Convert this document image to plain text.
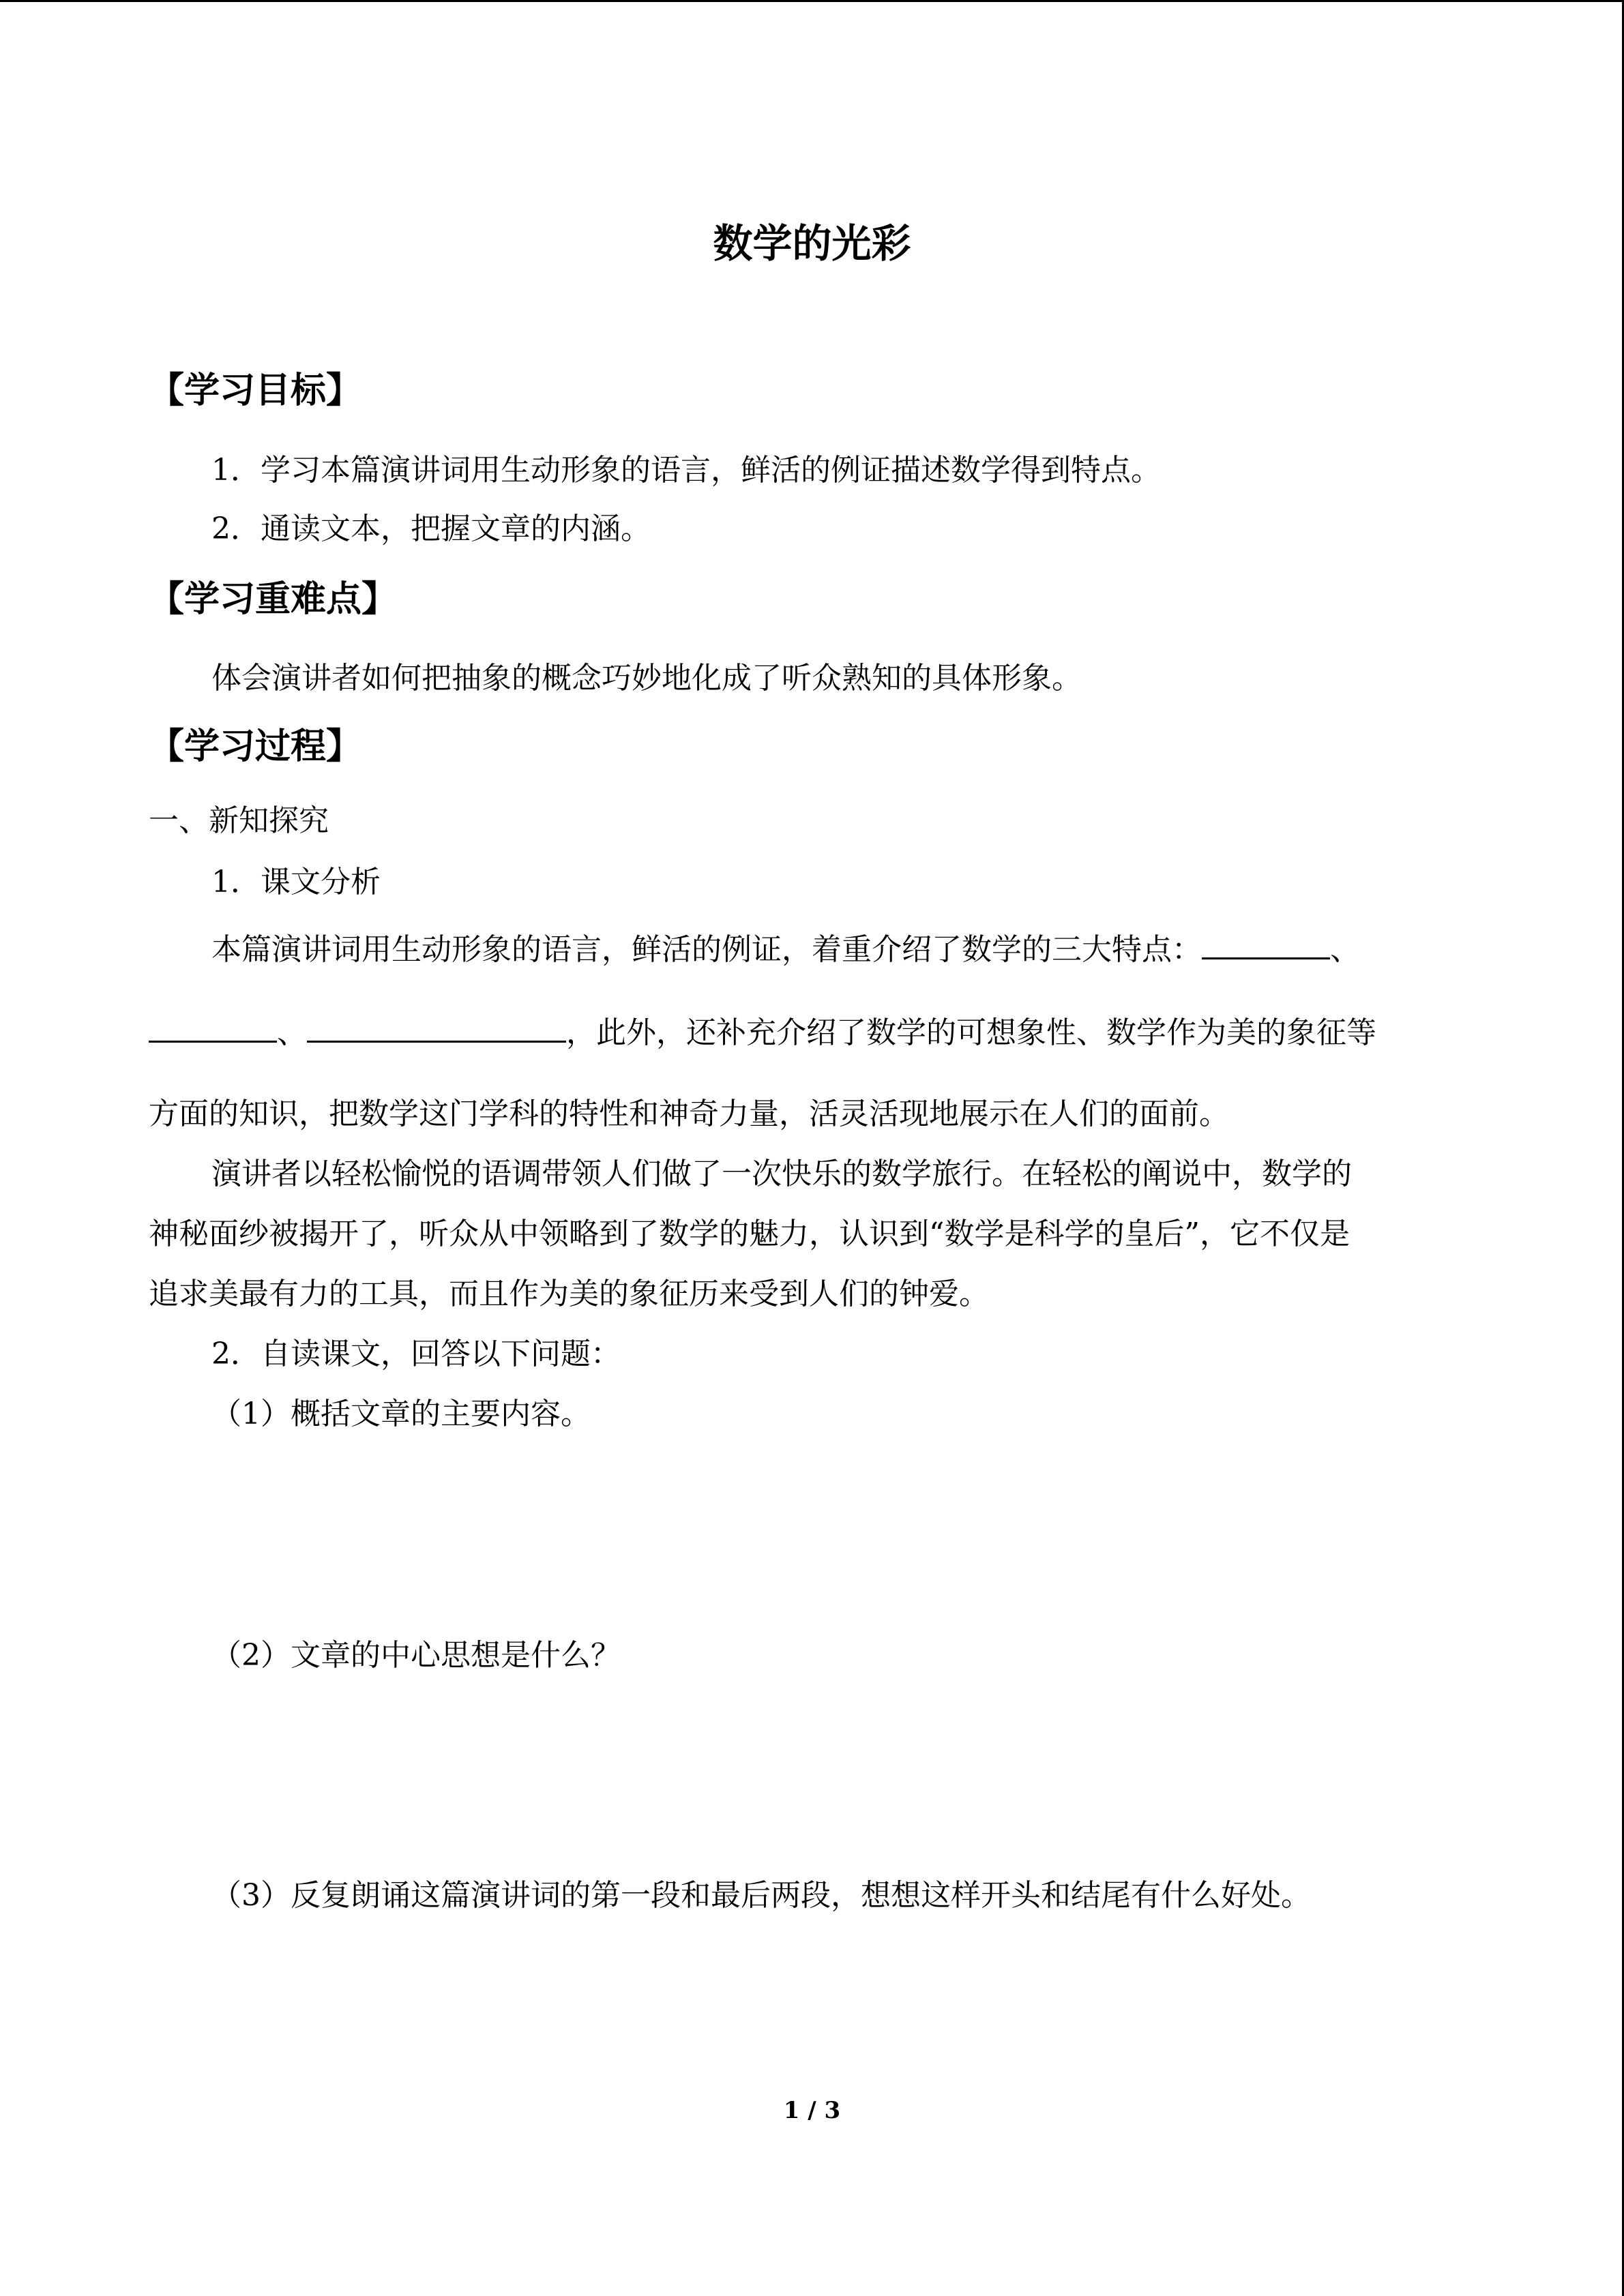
数学的光彩
【学习目标】
1．学习本篇演讲词用生动形象的语言，鲜活的例证描述数学得到特点。
2．通读文本，把握文章的内涵。
【学习重难点】
体会演讲者如何把抽象的概念巧妙地化成了听众熟知的具体形象。
【学习过程】
一、新知探究
1．课文分析
本篇演讲词用生动形象的语言，鲜活的例证，着重介绍了数学的三大特点：	、
、	，此外，还补充介绍了数学的可想象性、数学作为美的象征等
方面的知识，把数学这门学科的特性和神奇力量，活灵活现地展示在人们的面前。
演讲者以轻松愉悦的语调带领人们做了一次快乐的数学旅行。在轻松的阐说中，数学的
神秘面纱被揭开了，听众从中领略到了数学的魅力，认识到“数学是科学的皇后”，它不仅是
追求美最有力的工具，而且作为美的象征历来受到人们的钟爱。
2．自读课文，回答以下问题：
（1）概括文章的主要内容。
（2）文章的中心思想是什么？
（3）反复朗诵这篇演讲词的第一段和最后两段，想想这样开头和结尾有什么好处。
1 / 3
